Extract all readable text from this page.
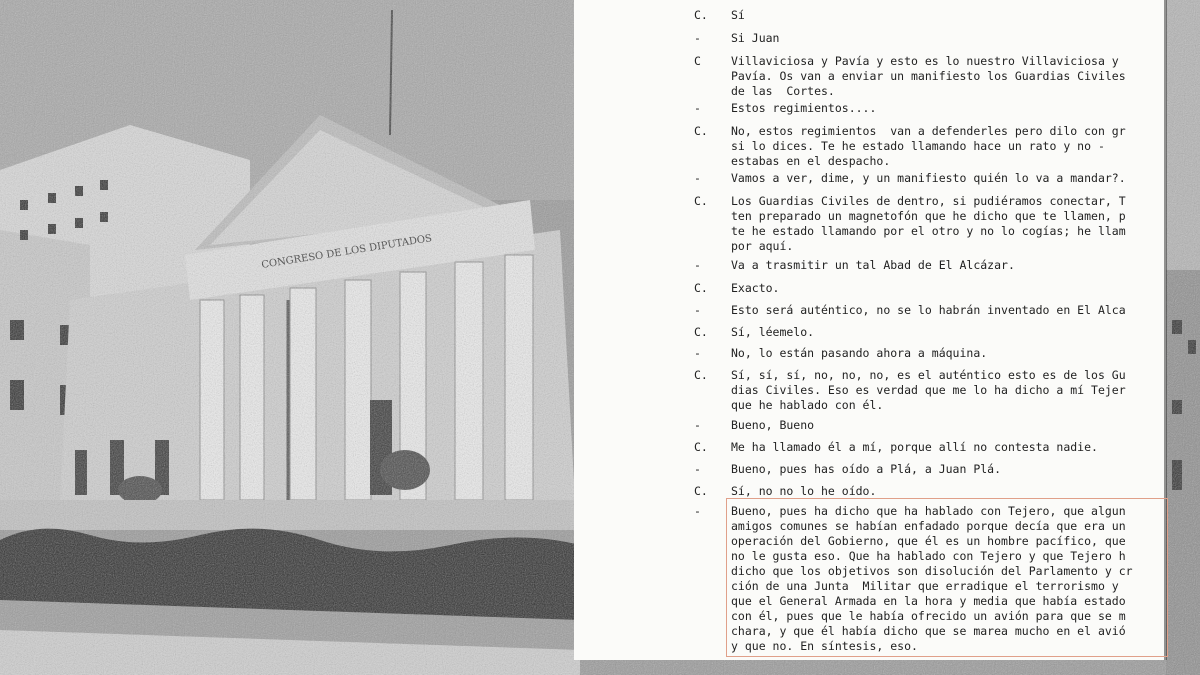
C. Sí
-	Si Juan
C	Villaviciosa y Pavía y esto es lo nuestro Villaviciosa y
Pavía. Os van a enviar un manifiesto los Guardias Civiles
de las  Cortes.
-	Estos regimientos....
C. No, estos regimientos  van a defenderles pero dilo con gr
si lo dices. Te he estado llamando hace un rato y no -
estabas en el despacho.
-	Vamos a ver, dime, y un manifiesto quién lo va a mandar?.
C. Los Guardias Civiles de dentro, si pudiéramos conectar, T
ten preparado un magnetofón que he dicho que te llamen, p
te he estado llamando por el otro y no lo cogías; he llam
por aquí.
-	Va a trasmitir un tal Abad de El Alcázar.
C. Exacto.
-	Esto será auténtico, no se lo habrán inventado en El Alca
C. Sí, léemelo.
-	No, lo están pasando ahora a máquina.
C. Sí, sí, sí, no, no, no, es el auténtico esto es de los Gu
dias Civiles. Eso es verdad que me lo ha dicho a mí Tejer
que he hablado con él.
-	Bueno, Bueno
C. Me ha llamado él a mí, porque allí no contesta nadie.
-	Bueno, pues has oído a Plá, a Juan Plá.
C. Sí, no no lo he oído.
-	Bueno, pues ha dicho que ha hablado con Tejero, que algun
amigos comunes se habían enfadado porque decía que era un
operación del Gobierno, que él es un hombre pacífico, que
no le gusta eso. Que ha hablado con Tejero y que Tejero h
dicho que los objetivos son disolución del Parlamento y cr
ción de una Junta  Militar que erradique el terrorismo y
que el General Armada en la hora y media que había estado
con él, pues que le había ofrecido un avión para que se m
chara, y que él había dicho que se marea mucho en el avió
y que no. En síntesis, eso.
